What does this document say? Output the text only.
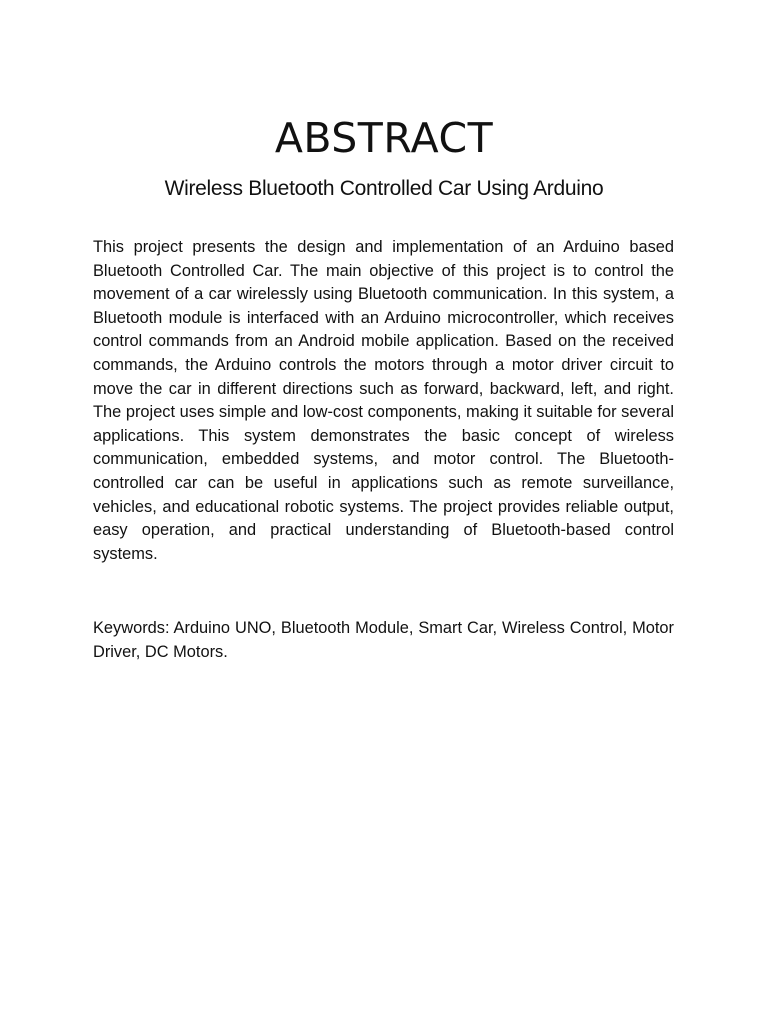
ABSTRACT
Wireless Bluetooth Controlled Car Using Arduino

This project presents the design and implementation of an Arduino based Bluetooth Controlled Car. The main objective of this project is to control the movement of a car wirelessly using Bluetooth communication. In this system, a Bluetooth module is interfaced with an Arduino microcontroller, which receives control commands from an Android mobile application. Based on the received commands, the Arduino controls the motors through a motor driver circuit to move the car in different directions such as forward, backward, left, and right. The project uses simple and low-cost components, making it suitable for several applications. This system demonstrates the basic concept of wireless communication, embedded systems, and motor control. The Bluetooth-controlled car can be useful in applications such as remote surveillance, vehicles, and educational robotic systems. The project provides reliable output, easy operation, and practical understanding of Bluetooth-based control systems.

Keywords: Arduino UNO, Bluetooth Module, Smart Car, Wireless Control, Motor Driver, DC Motors.
